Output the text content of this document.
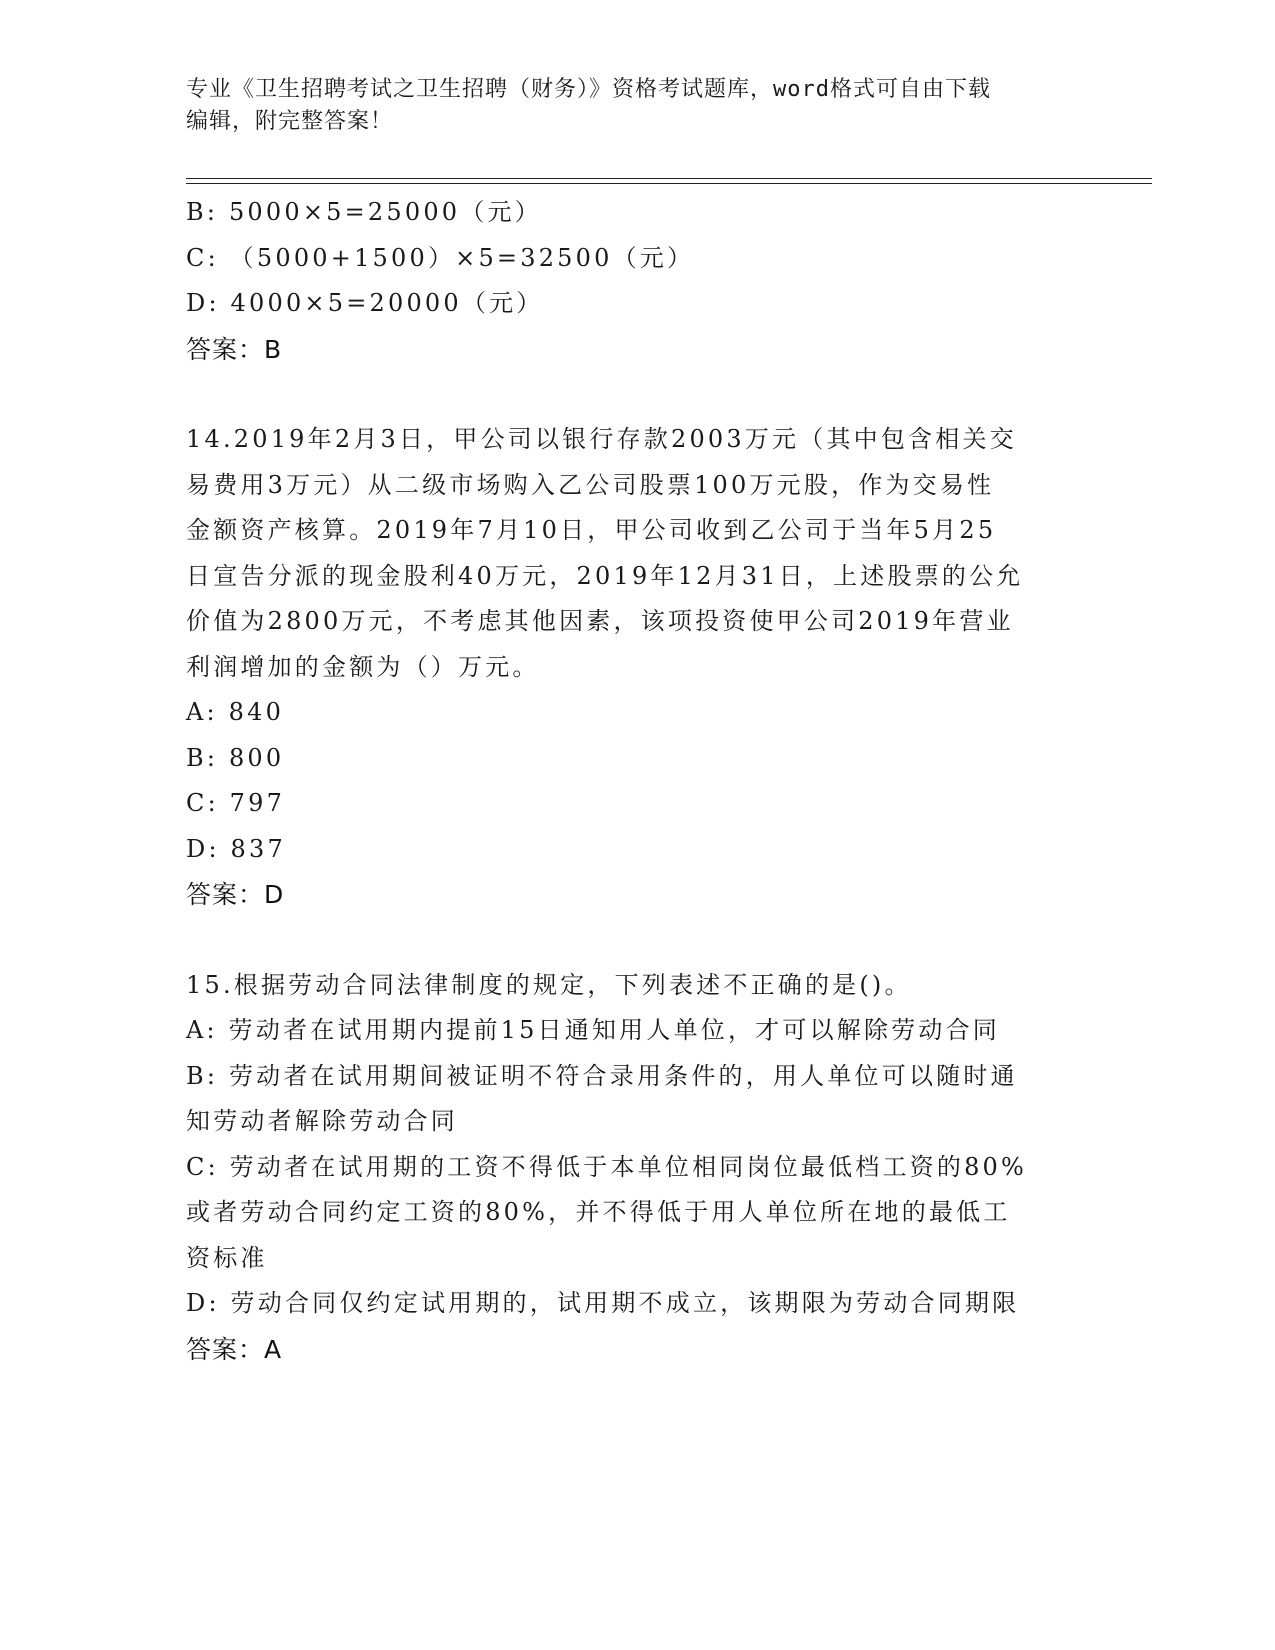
专业《卫生招聘考试之卫生招聘（财务）》资格考试题库，word格式可自由下载
编辑，附完整答案！
B: 5000×5=25000（元）
C: （5000+1500）×5=32500（元）
D: 4000×5=20000（元）
答案：B
14.2019年2月3日，甲公司以银行存款2003万元（其中包含相关交
易费用3万元）从二级市场购入乙公司股票100万元股，作为交易性
金额资产核算。2019年7月10日，甲公司收到乙公司于当年5月25
日宣告分派的现金股利40万元，2019年12月31日，上述股票的公允
价值为2800万元，不考虑其他因素，该项投资使甲公司2019年营业
利润增加的金额为（）万元。
A: 840
B: 800
C: 797
D: 837
答案：D
15.根据劳动合同法律制度的规定，下列表述不正确的是()。
A: 劳动者在试用期内提前15日通知用人单位，才可以解除劳动合同
B: 劳动者在试用期间被证明不符合录用条件的，用人单位可以随时通
知劳动者解除劳动合同
C: 劳动者在试用期的工资不得低于本单位相同岗位最低档工资的80%
或者劳动合同约定工资的80%，并不得低于用人单位所在地的最低工
资标准
D: 劳动合同仅约定试用期的，试用期不成立，该期限为劳动合同期限
答案：A
